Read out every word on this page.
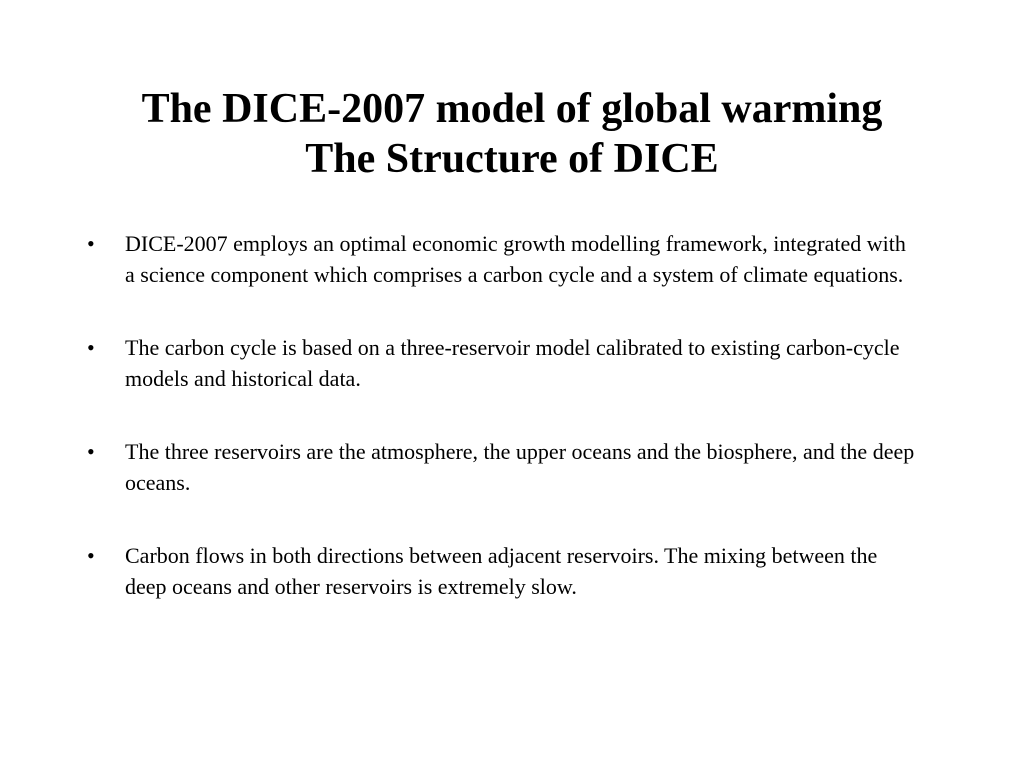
The DICE-2007 model of global warming
The Structure of DICE
• DICE-2007 employs an optimal economic growth modelling framework, integrated with a science component which comprises a carbon cycle and a system of climate equations.
• The carbon cycle is based on a three-reservoir model calibrated to existing carbon-cycle models and historical data.
• The three reservoirs are the atmosphere, the upper oceans and the biosphere, and the deep oceans.
• Carbon flows in both directions between adjacent reservoirs. The mixing between the deep oceans and other reservoirs is extremely slow.
